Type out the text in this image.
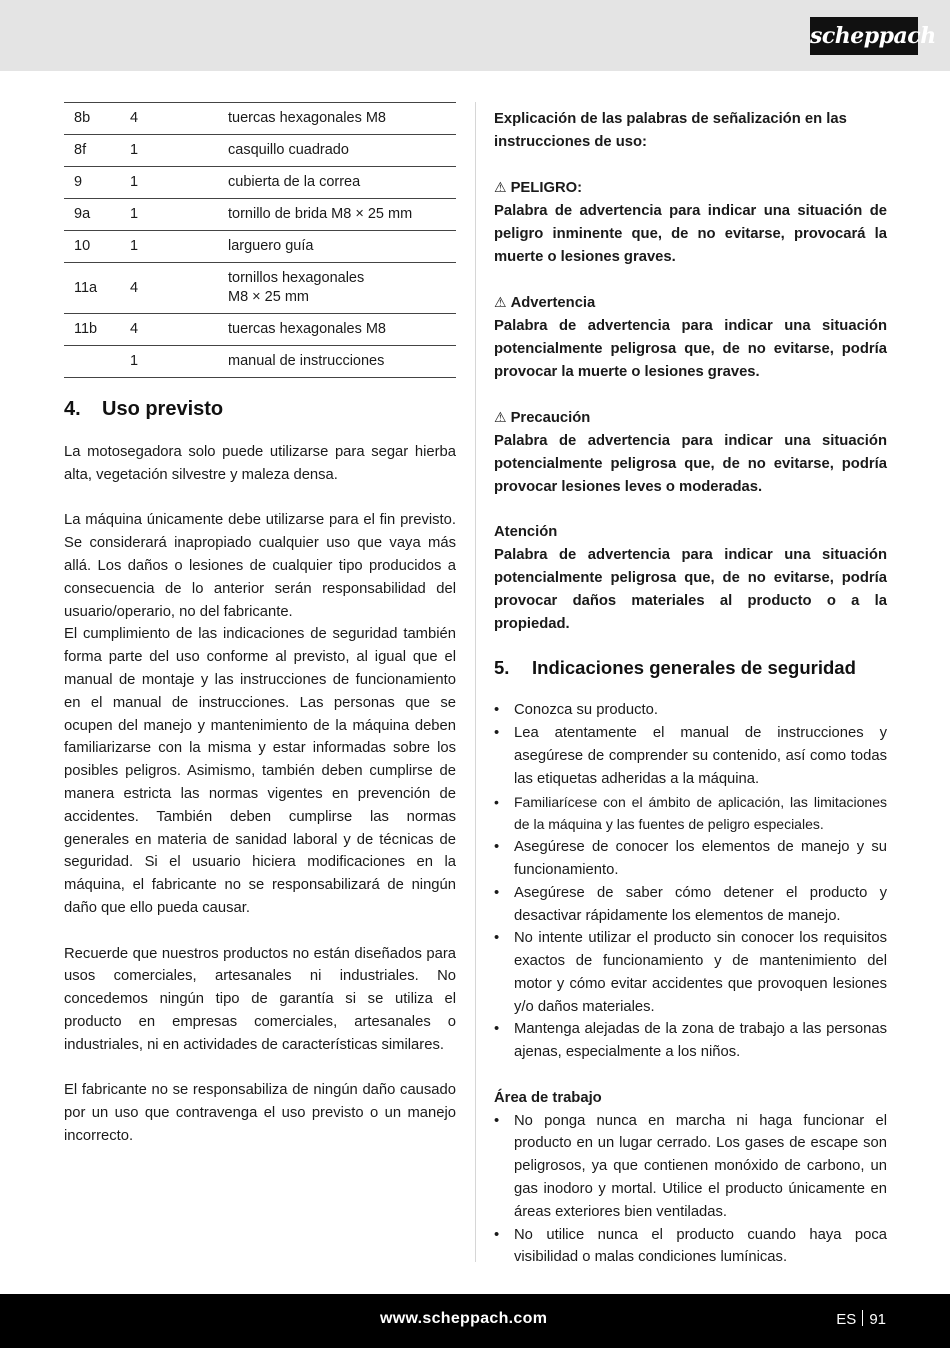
scheppach
8b	4	tuercas hexagonales M8
8f	1	casquillo cuadrado
9	1	cubierta de la correa
9a	1	tornillo de brida M8 × 25 mm
10	1	larguero guía
11a	4	tornillos hexagonales
M8 × 25 mm
11b	4	tuercas hexagonales M8
	1	manual de instrucciones
4.	Uso previsto

La motosegadora solo puede utilizarse para segar hierba alta, vegetación silvestre y maleza densa.

La máquina únicamente debe utilizarse para el fin previsto. Se considerará inapropiado cualquier uso que vaya más allá. Los daños o lesiones de cualquier tipo producidos a consecuencia de lo anterior serán responsabilidad del usuario/operario, no del fabricante.

El cumplimiento de las indicaciones de seguridad también forma parte del uso conforme al previsto, al igual que el manual de montaje y las instrucciones de funcionamiento en el manual de instrucciones. Las personas que se ocupen del manejo y mantenimiento de la máquina deben familiarizarse con la misma y estar informadas sobre los posibles peligros. Asimismo, también deben cumplirse de manera estricta las normas vigentes en prevención de accidentes. También deben cumplirse las normas generales en materia de sanidad laboral y de técnicas de seguridad. Si el usuario hiciera modificaciones en la máquina, el fabricante no se responsabilizará de ningún daño que ello pueda causar.

Recuerde que nuestros productos no están diseñados para usos comerciales, artesanales ni industriales. No concedemos ningún tipo de garantía si se utiliza el producto en empresas comerciales, artesanales o industriales, ni en actividades de características similares.

El fabricante no se responsabiliza de ningún daño causado por un uso que contravenga el uso previsto o un manejo incorrecto.

Explicación de las palabras de señalización en las instrucciones de uso:

⚠ PELIGRO:

Palabra de advertencia para indicar una situación de peligro inminente que, de no evitarse, provocará la muerte o lesiones graves.

⚠ Advertencia

Palabra de advertencia para indicar una situación potencialmente peligrosa que, de no evitarse, podría provocar la muerte o lesiones graves.

⚠ Precaución

Palabra de advertencia para indicar una situación potencialmente peligrosa que, de no evitarse, podría provocar lesiones leves o moderadas.

Atención

Palabra de advertencia para indicar una situación potencialmente peligrosa que, de no evitarse, podría provocar daños materiales al producto o a la propiedad.

5.	Indicaciones generales de seguridad
• Conozca su producto.
• Lea atentamente el manual de instrucciones y asegúrese de comprender su contenido, así como todas las etiquetas adheridas a la máquina.
• Familiarícese con el ámbito de aplicación, las limitaciones de la máquina y las fuentes de peligro especiales.
• Asegúrese de conocer los elementos de manejo y su funcionamiento.
• Asegúrese de saber cómo detener el producto y desactivar rápidamente los elementos de manejo.
• No intente utilizar el producto sin conocer los requisitos exactos de funcionamiento y de mantenimiento del motor y cómo evitar accidentes que provoquen lesiones y/o daños materiales.
• Mantenga alejadas de la zona de trabajo a las personas ajenas, especialmente a los niños.
Área de trabajo
• No ponga nunca en marcha ni haga funcionar el producto en un lugar cerrado. Los gases de escape son peligrosos, ya que contienen monóxido de carbono, un gas inodoro y mortal. Utilice el producto únicamente en áreas exteriores bien ventiladas.
• No utilice nunca el producto cuando haya poca visibilidad o malas condiciones lumínicas.
www.scheppach.com	ES 91
